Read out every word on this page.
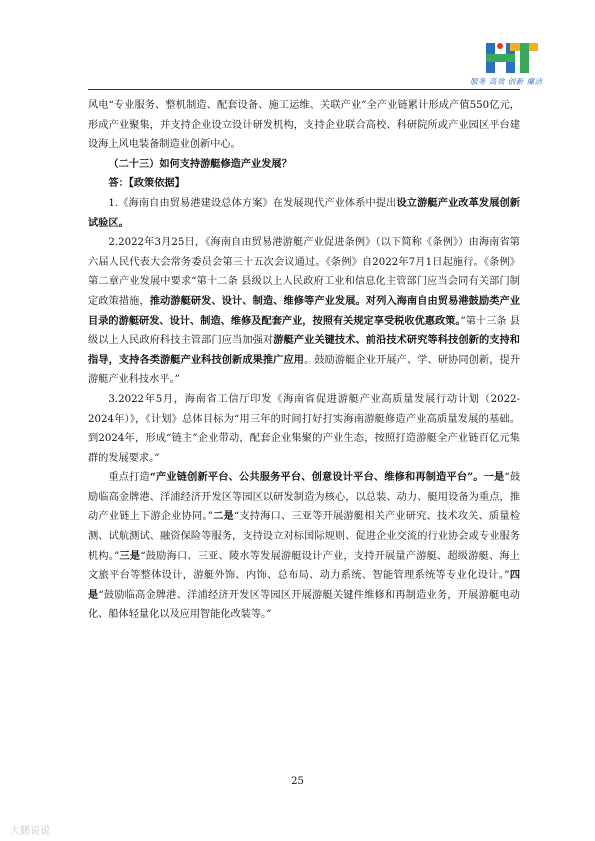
服务 高效 创新 廉洁

风电“专业服务、整机制造、配套设备、施工运维、关联产业”全产业链累计形成产值550亿元，形成产业聚集，并支持企业设立设计研发机构，支持企业联合高校、科研院所或产业园区平台建设海上风电装备制造业创新中心。

（二十三）如何支持游艇修造产业发展？

答：【政策依据】

1.《海南自由贸易港建设总体方案》在发展现代产业体系中提出设立游艇产业改革发展创新试验区。

2.2022年3月25日，《海南自由贸易港游艇产业促进条例》（以下简称《条例》）由海南省第六届人民代表大会常务委员会第三十五次会议通过。《条例》自2022年7月1日起施行。《条例》第二章产业发展中要求“第十二条 县级以上人民政府工业和信息化主管部门应当会同有关部门制定政策措施，推动游艇研发、设计、制造、维修等产业发展。对列入海南自由贸易港鼓励类产业目录的游艇研发、设计、制造、维修及配套产业，按照有关规定享受税收优惠政策。”第十三条 县级以上人民政府科技主管部门应当加强对游艇产业关键技术、前沿技术研究等科技创新的支持和指导，支持各类游艇产业科技创新成果推广应用。鼓励游艇企业开展产、学、研协同创新，提升游艇产业科技水平。”

3.2022年5月，海南省工信厅印发《海南省促进游艇产业高质量发展行动计划（2022-2024年）》，《计划》总体目标为“用三年的时间打好打实海南游艇修造产业高质量发展的基础。到2024年，形成“链主”企业带动，配套企业集聚的产业生态，按照打造游艇全产业链百亿元集群的发展要求。”

重点打造“产业链创新平台、公共服务平台、创意设计平台、维修和再制造平台”。一是“鼓励临高金牌港、洋浦经济开发区等园区以研发制造为核心，以总装、动力、艇用设备为重点，推动产业链上下游企业协同。”二是“支持海口、三亚等开展游艇相关产业研究、技术攻关、质量检测、试航测试、融资保险等服务，支持设立对标国际规则、促进企业交流的行业协会或专业服务机构。”三是“鼓励海口、三亚、陵水等发展游艇设计产业，支持开展量产游艇、超级游艇、海上文旅平台等整体设计，游艇外饰、内饰、总布局、动力系统、智能管理系统等专业化设计。”四是“鼓励临高金牌港、洋浦经济开发区等园区开展游艇关键件维修和再制造业务，开展游艇电动化、船体轻量化以及应用智能化改装等。”

25
大鹏说说
